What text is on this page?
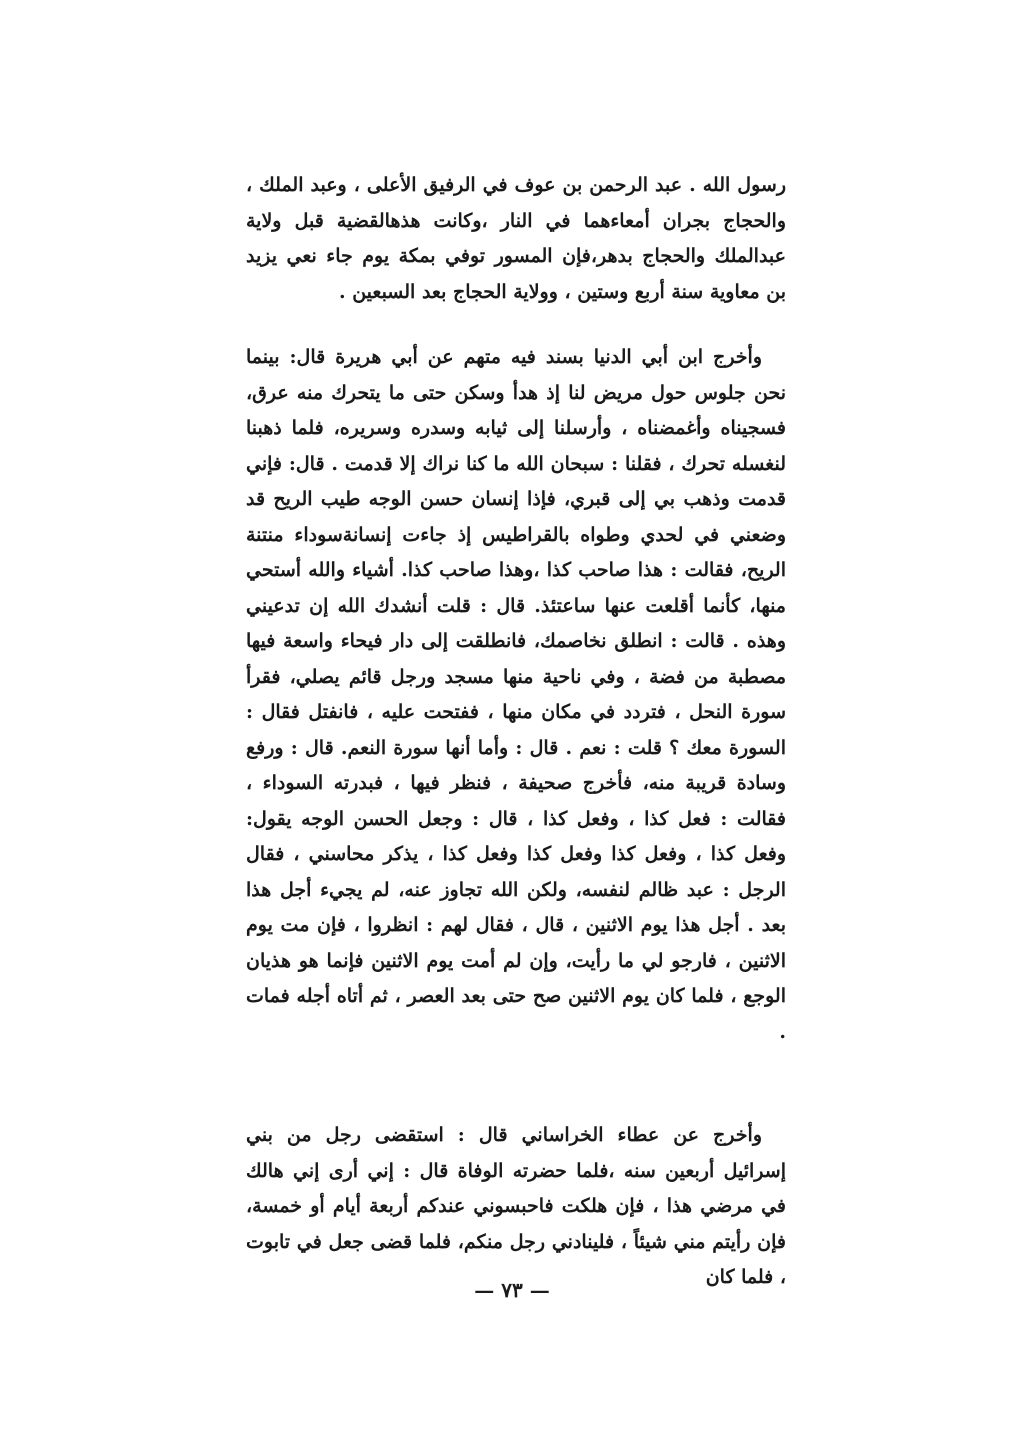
رسول الله . عبد الرحمن بن عوف في الرفيق الأعلى ، وعبد الملك ، والحجاج بجران أمعاءهما في النار ،وكانت هذهالقضية قبل ولاية عبدالملك والحجاج بدهر،فإن المسور توفي بمكة يوم جاء نعي يزيد بن معاوية سنة أربع وستين ، وولاية الحجاج بعد السبعين .

وأخرج ابن أبي الدنيا بسند فيه متهم عن أبي هريرة قال: بينما نحن جلوس حول مريض لنا إذ هدأ وسكن حتى ما يتحرك منه عرق، فسجيناه وأغمضناه ، وأرسلنا إلى ثيابه وسدره وسريره، فلما ذهبنا لنغسله تحرك ، فقلنا : سبحان الله ما كنا نراك إلا قدمت . قال: فإني قدمت وذهب بي إلى قبري، فإذا إنسان حسن الوجه طيب الريح قد وضعني في لحدي وطواه بالقراطيس إذ جاءت إنسانةسوداء منتنة الريح، فقالت : هذا صاحب كذا ،وهذا صاحب كذا. أشياء والله أستحي منها، كأنما أقلعت عنها ساعتئذ. قال : قلت أنشدك الله إن تدعيني وهذه . قالت : انطلق نخاصمك، فانطلقت إلى دار فيحاء واسعة فيها مصطبة من فضة ، وفي ناحية منها مسجد ورجل قائم يصلي، فقرأ سورة النحل ، فتردد في مكان منها ، ففتحت عليه ، فانفتل فقال : السورة معك ؟ قلت : نعم . قال : وأما أنها سورة النعم. قال : ورفع وسادة قريبة منه، فأخرج صحيفة ، فنظر فيها ، فبدرته السوداء ، فقالت : فعل كذا ، وفعل كذا ، قال : وجعل الحسن الوجه يقول: وفعل كذا ، وفعل كذا وفعل كذا وفعل كذا ، يذكر محاسني ، فقال الرجل : عبد ظالم لنفسه، ولكن الله تجاوز عنه، لم يجيء أجل هذا بعد . أجل هذا يوم الاثنين ، قال ، فقال لهم : انظروا ، فإن مت يوم الاثنين ، فارجو لي ما رأيت، وإن لم أمت يوم الاثنين فإنما هو هذيان الوجع ، فلما كان يوم الاثنين صح حتى بعد العصر ، ثم أتاه أجله فمات .

وأخرج عن عطاء الخراساني قال : استقضى رجل من بني إسرائيل أربعين سنه ،فلما حضرته الوفاة قال : إني أرى إني هالك في مرضي هذا ، فإن هلكت فاحبسوني عندكم أربعة أيام أو خمسة، فإن رأيتم مني شيئاً ، فلينادني رجل منكم، فلما قضى جعل في تابوت ، فلما كان

— ٧٣ —
